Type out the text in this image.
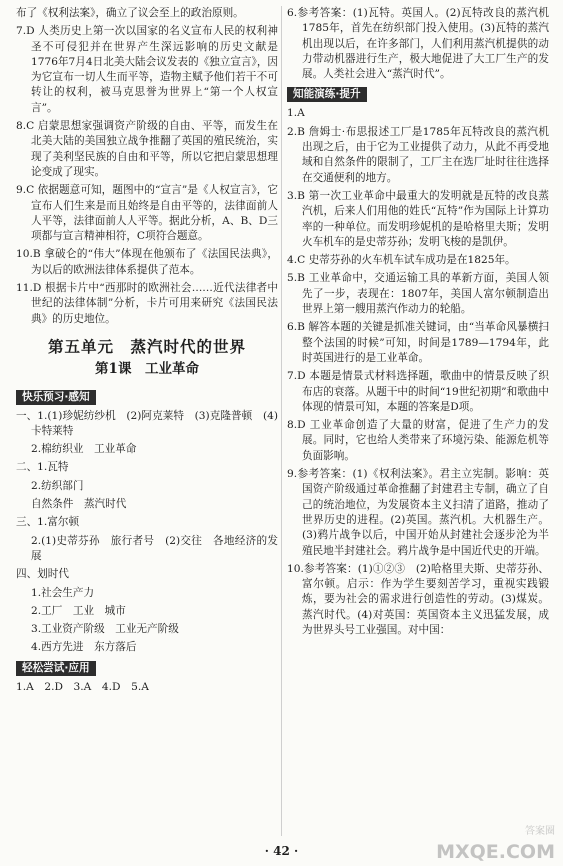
布了《权利法案》，确立了议会至上的政治原则。

7.D 人类历史上第一次以国家的名义宣布人民的权利神圣不可侵犯并在世界产生深远影响的历史文献是1776年7月4日北美大陆会议发表的《独立宣言》，因为它宣布一切人生而平等，造物主赋予他们若干不可转让的权利，被马克思誉为世界上“第一个人权宣言”。

8.C 启蒙思想家强调资产阶级的自由、平等，而发生在北美大陆的美国独立战争推翻了英国的殖民统治，实现了美利坚民族的自由和平等，所以它把启蒙思想理论变成了现实。

9.C 依据题意可知，题图中的“宣言”是《人权宣言》，它宣布人们生来是而且始终是自由平等的，法律面前人人平等，法律面前人人平等。据此分析，A、B、D三项都与宣言精神相符，C项符合题意。

10.B 拿破仑的“伟大”体现在他颁布了《法国民法典》，为以后的欧洲法律体系提供了范本。

11.D 根据卡片中“西那时的欧洲社会……近代法律者中世纪的法律体制”分析，卡片可用来研究《法国民法典》的历史地位。

第五单元　蒸汽时代的世界
第1课　工业革命
快乐预习·感知

一、1.(1)珍妮纺纱机　(2)阿克莱特　(3)克隆普顿　(4)卡特莱特

2.棉纺织业　工业革命

二、1.瓦特

2.纺织部门

自然条件　蒸汽时代

三、1.富尔顿

2.(1)史蒂芬孙　旅行者号　(2)交往　各地经济的发展

四、划时代

1.社会生产力

2.工厂　工业　城市

3.工业资产阶级　工业无产阶级

4.西方先进　东方落后

轻松尝试·应用

1.A　2.D　3.A　4.D　5.A

6.参考答案：(1)瓦特。英国人。(2)瓦特改良的蒸汽机1785年，首先在纺织部门投入使用。(3)瓦特的蒸汽机出现以后，在许多部门，人们利用蒸汽机提供的动力带动机器进行生产，极大地促进了大工厂生产的发展。人类社会进入“蒸汽时代”。

知能演练·提升

1.A

2.B 詹姆士·布思报述工厂是1785年瓦特改良的蒸汽机出现之后，由于它为工业提供了动力，从此不再受地域和自然条件的限制了，工厂主在选厂址时往往选择在交通便利的地方。

3.B 第一次工业革命中最重大的发明就是瓦特的改良蒸汽机，后来人们用他的姓氏“瓦特”作为国际上计算功率的一种单位。而发明珍妮机的是哈格里夫斯；发明火车机车的是史蒂芬孙；发明飞梭的是凯伊。

4.C 史蒂芬孙的火车机车试车成功是在1825年。

5.B 工业革命中，交通运输工具的革新方面，美国人领先了一步，表现在：1807年，美国人富尔顿制造出世界上第一艘用蒸汽作动力的轮船。

6.B 解答本题的关键是抓准关键词，由“当革命风暴横扫整个法国的时候”可知，时间是1789—1794年，此时英国进行的是工业革命。

7.D 本题是情景式材料选择题，歌曲中的情景反映了织布店的衰落。从题干中的时间“19世纪初期”和歌曲中体现的情景可知，本题的答案是D项。

8.D 工业革命创造了大量的财富，促进了生产力的发展。同时，它也给人类带来了环境污染、能源危机等负面影响。

9.参考答案：(1)《权利法案》。君主立宪制。影响：英国资产阶级通过革命推翻了封建君主专制，确立了自己的统治地位，为发展资本主义扫清了道路，推动了世界历史的进程。(2)英国。蒸汽机。大机器生产。(3)鸦片战争以后，中国开始从封建社会逐步沦为半殖民地半封建社会。鸦片战争是中国近代史的开端。

10.参考答案：(1)①②③　(2)哈格里夫斯、史蒂芬孙、富尔顿。启示：作为学生要刻苦学习，重视实践锻炼，要为社会的需求进行创造性的劳动。(3)煤炭。蒸汽时代。(4)对英国：英国资本主义迅猛发展，成为世界头号工业强国。对中国：

· 42 ·
答案圈
MXQE.COM
